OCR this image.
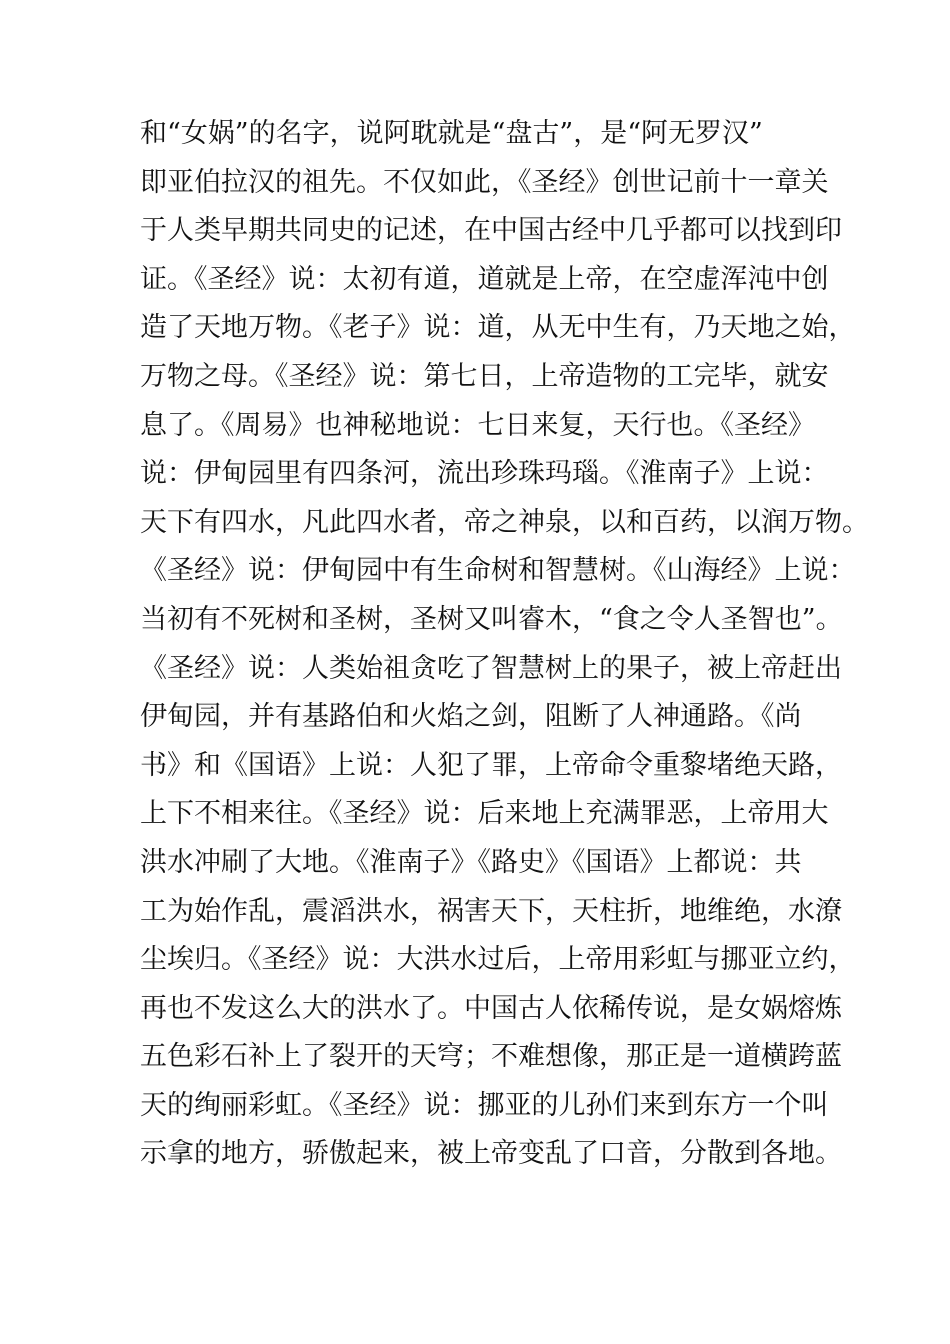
和“女娲”的名字，说阿耽就是“盘古”，是“阿无罗汉”
即亚伯拉汉的祖先。不仅如此，《圣经》创世记前十一章关
于人类早期共同史的记述，在中国古经中几乎都可以找到印
证。《圣经》说：太初有道，道就是上帝，在空虚浑沌中创
造了天地万物。《老子》说：道，从无中生有，乃天地之始，
万物之母。《圣经》说：第七日，上帝造物的工完毕，就安
息了。《周易》也神秘地说：七日来复，天行也。《圣经》
说：伊甸园里有四条河，流出珍珠玛瑙。《淮南子》上说：
天下有四水，凡此四水者，帝之神泉，以和百药，以润万物。
《圣经》说：伊甸园中有生命树和智慧树。《山海经》上说：
当初有不死树和圣树，圣树又叫睿木，“食之令人圣智也”。
《圣经》说：人类始祖贪吃了智慧树上的果子，被上帝赶出
伊甸园，并有基路伯和火焰之剑，阻断了人神通路。《尚
书》和《国语》上说：人犯了罪，上帝命令重黎堵绝天路，
上下不相来往。《圣经》说：后来地上充满罪恶，上帝用大
洪水冲刷了大地。《淮南子》《路史》《国语》上都说：共
工为始作乱，震滔洪水，祸害天下，天柱折，地维绝，水潦
尘埃归。《圣经》说：大洪水过后，上帝用彩虹与挪亚立约，
再也不发这么大的洪水了。中国古人依稀传说，是女娲熔炼
五色彩石补上了裂开的天穹；不难想像，那正是一道横跨蓝
天的绚丽彩虹。《圣经》说：挪亚的儿孙们来到东方一个叫
示拿的地方，骄傲起来，被上帝变乱了口音，分散到各地。
